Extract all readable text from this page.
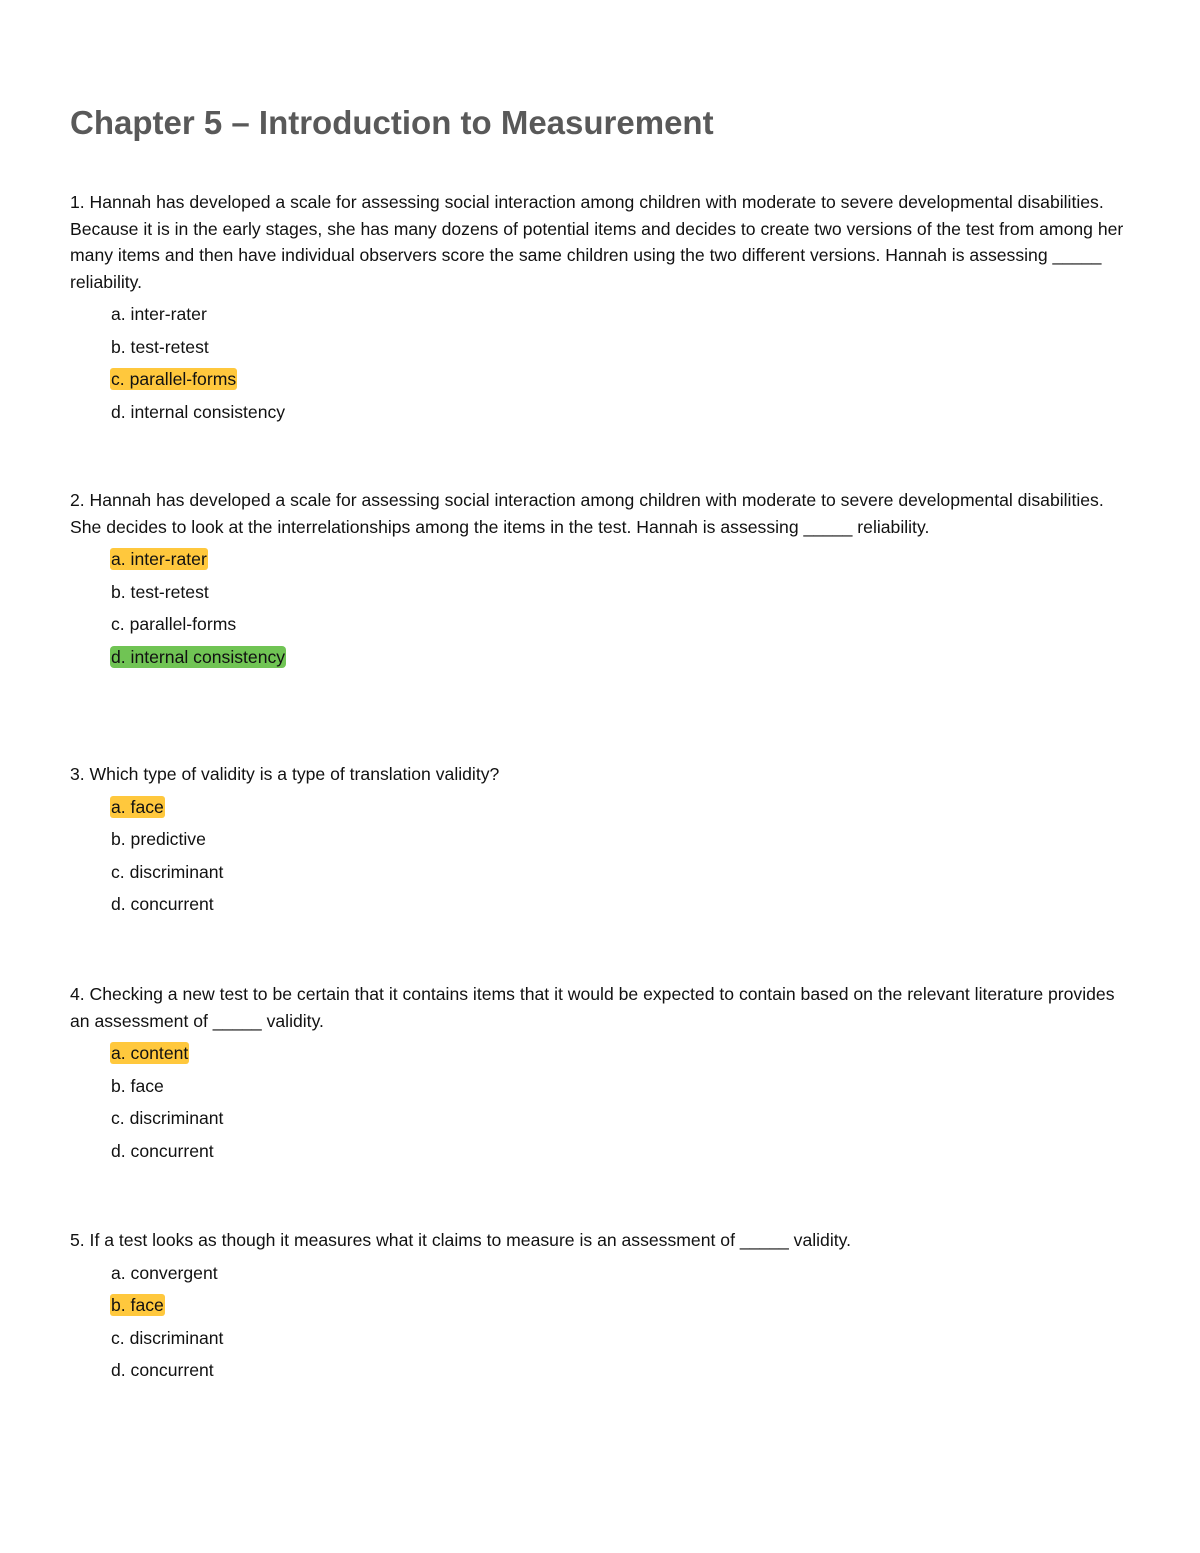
Chapter 5 – Introduction to Measurement

1. Hannah has developed a scale for assessing social interaction among children with moderate to severe developmental disabilities. Because it is in the early stages, she has many dozens of potential items and decides to create two versions of the test from among her many items and then have individual observers score the same children using the two different versions. Hannah is assessing _____ reliability.

a. inter-rater
b. test-retest
c. parallel-forms
d. internal consistency

2. Hannah has developed a scale for assessing social interaction among children with moderate to severe developmental disabilities. She decides to look at the interrelationships among the items in the test. Hannah is assessing _____ reliability.

a. inter-rater
b. test-retest
c. parallel-forms
d. internal consistency

3. Which type of validity is a type of translation validity?

a. face
b. predictive
c. discriminant
d. concurrent

4. Checking a new test to be certain that it contains items that it would be expected to contain based on the relevant literature provides an assessment of _____ validity.

a. content
b. face
c. discriminant
d. concurrent

5. If a test looks as though it measures what it claims to measure is an assessment of _____ validity.

a. convergent
b. face
c. discriminant
d. concurrent
